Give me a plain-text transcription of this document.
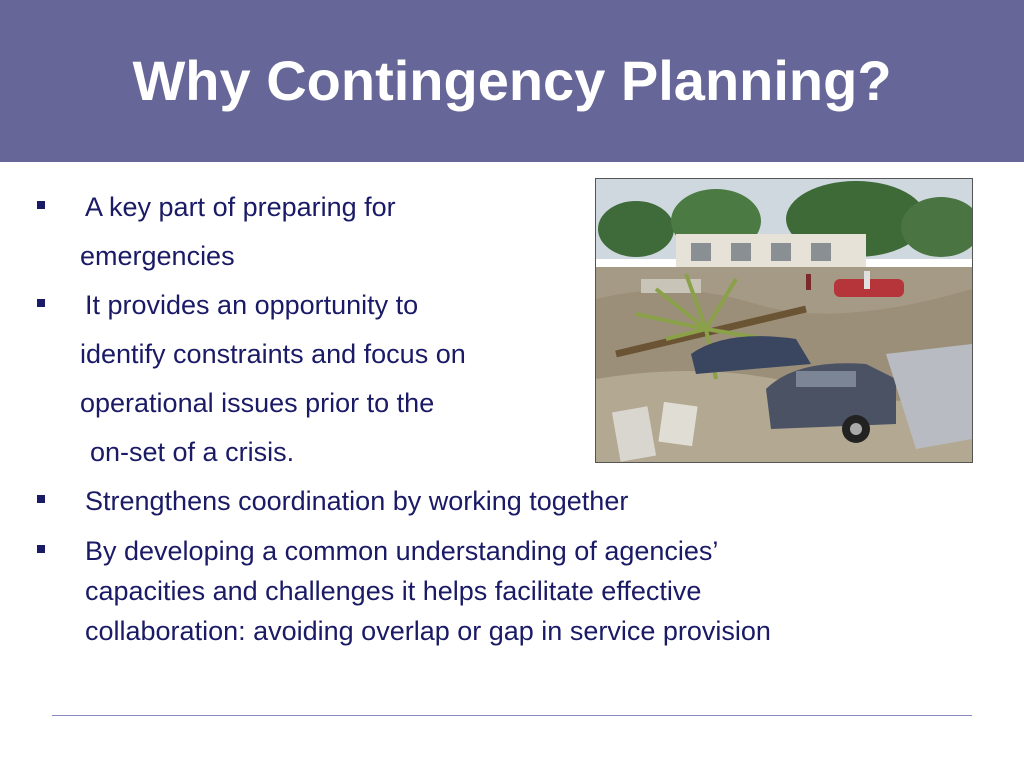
Why Contingency Planning?
A key part of preparing for
emergencies
It provides an opportunity to
identify constraints and focus on
operational issues prior to the
on-set of a crisis.
Strengthens coordination by working together
By developing a common understanding of agencies’
capacities and challenges it helps facilitate effective
collaboration: avoiding overlap or gap in service provision
